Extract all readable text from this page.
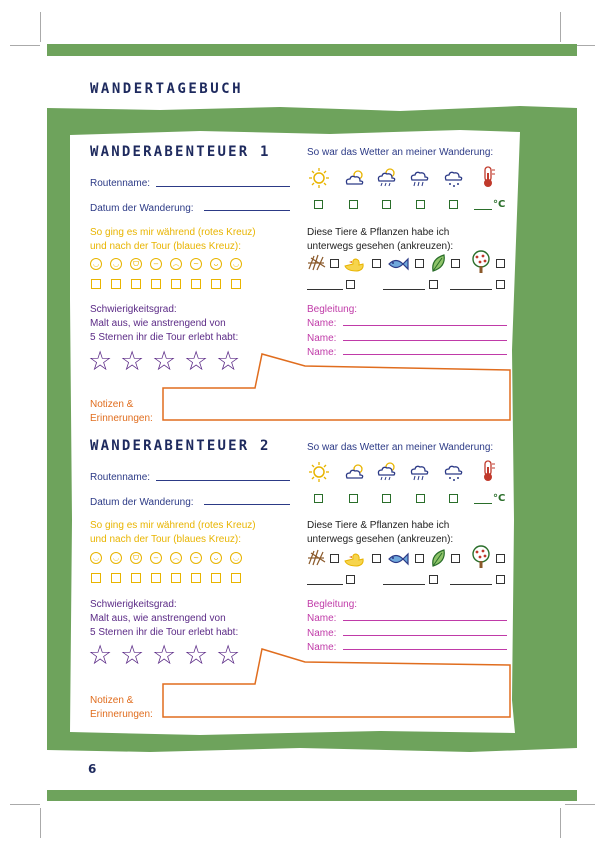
WANDERTAGEBUCH
6
WANDERABENTEUER 1
Routenname:
Datum der Wanderung:
So ging es mir während (rotes Kreuz)
und nach der Tour (blaues Kreuz):
◡	◡	ᗜ	−	︵	~	ᴗ	◡
Schwierigkeitsgrad:
Malt aus, wie anstrengend von
5 Sternen ihr die Tour erlebt habt:
☆ ☆ ☆ ☆ ☆
Notizen &
Erinnerungen:
So war das Wetter an meiner Wanderung:
°C
Diese Tiere & Pflanzen habe ich
unterwegs gesehen (ankreuzen):
Begleitung:
Name:
Name:
Name:
WANDERABENTEUER 2
Routenname:
Datum der Wanderung:
So ging es mir während (rotes Kreuz)
und nach der Tour (blaues Kreuz):
◡	◡	ᗜ	−	︵	~	ᴗ	◡
Schwierigkeitsgrad:
Malt aus, wie anstrengend von
5 Sternen ihr die Tour erlebt habt:
☆ ☆ ☆ ☆ ☆
Notizen &
Erinnerungen:
So war das Wetter an meiner Wanderung:
°C
Diese Tiere & Pflanzen habe ich
unterwegs gesehen (ankreuzen):
Begleitung:
Name:
Name:
Name:
